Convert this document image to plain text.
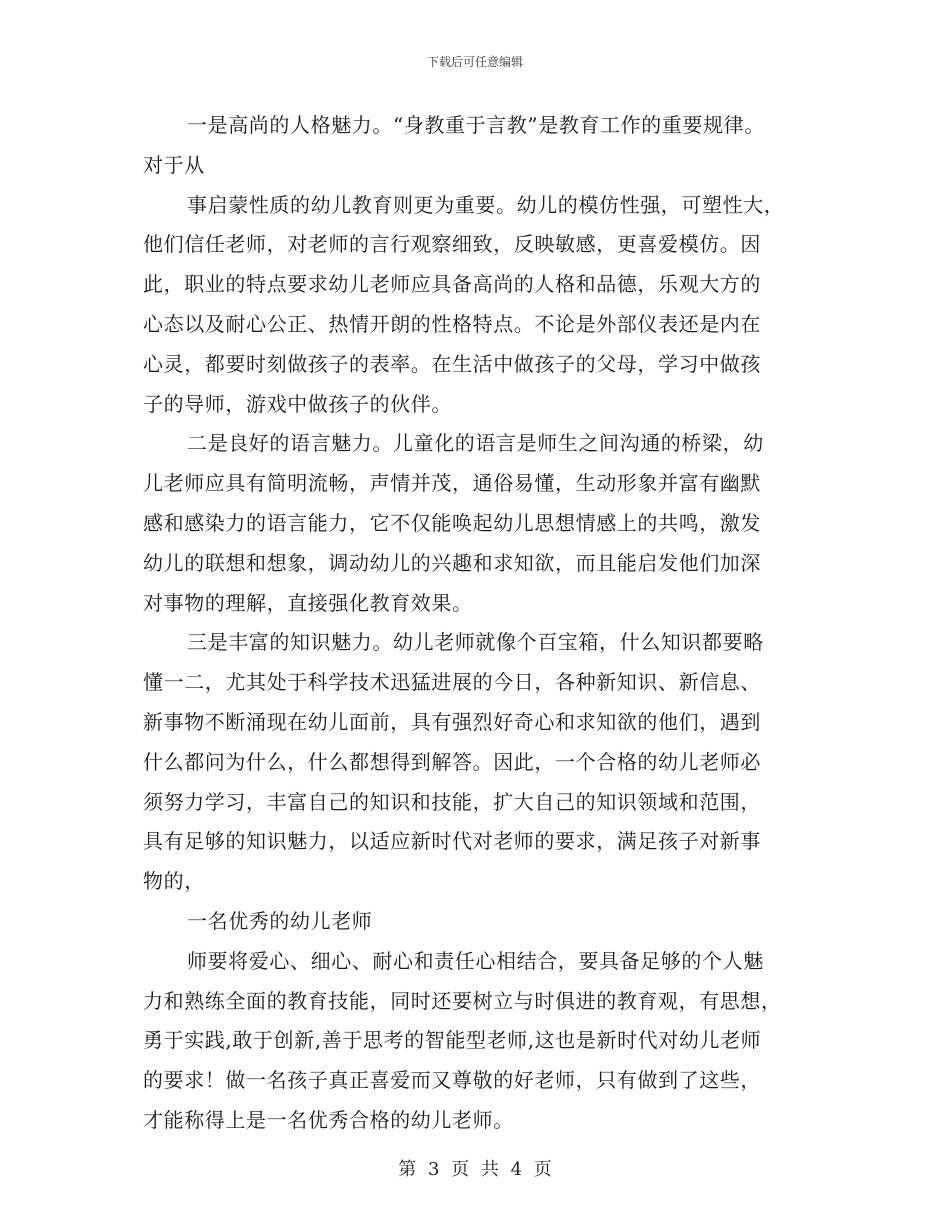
下载后可任意编辑
一是高尚的人格魅力。“身教重于言教”是教育工作的重要规律。
对于从
事启蒙性质的幼儿教育则更为重要。幼儿的模仿性强，可塑性大，
他们信任老师，对老师的言行观察细致，反映敏感，更喜爱模仿。因
此，职业的特点要求幼儿老师应具备高尚的人格和品德，乐观大方的
心态以及耐心公正、热情开朗的性格特点。不论是外部仪表还是内在
心灵，都要时刻做孩子的表率。在生活中做孩子的父母，学习中做孩
子的导师，游戏中做孩子的伙伴。
二是良好的语言魅力。儿童化的语言是师生之间沟通的桥梁，幼
儿老师应具有简明流畅，声情并茂，通俗易懂，生动形象并富有幽默
感和感染力的语言能力，它不仅能唤起幼儿思想情感上的共鸣，激发
幼儿的联想和想象，调动幼儿的兴趣和求知欲，而且能启发他们加深
对事物的理解，直接强化教育效果。
三是丰富的知识魅力。幼儿老师就像个百宝箱，什么知识都要略
懂一二，尤其处于科学技术迅猛进展的今日，各种新知识、新信息、
新事物不断涌现在幼儿面前，具有强烈好奇心和求知欲的他们，遇到
什么都问为什么，什么都想得到解答。因此，一个合格的幼儿老师必
须努力学习，丰富自己的知识和技能，扩大自己的知识领域和范围，
具有足够的知识魅力，以适应新时代对老师的要求，满足孩子对新事
物的，
一名优秀的幼儿老师
师要将爱心、细心、耐心和责任心相结合，要具备足够的个人魅
力和熟练全面的教育技能，同时还要树立与时俱进的教育观，有思想，
勇于实践,敢于创新,善于思考的智能型老师,这也是新时代对幼儿老师
的要求！做一名孩子真正喜爱而又尊敬的好老师，只有做到了这些，
才能称得上是一名优秀合格的幼儿老师。
第 3 页 共 4 页
